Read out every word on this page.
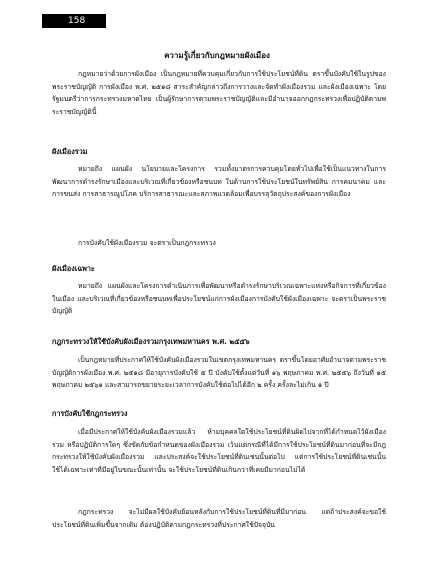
158
ความรู้เกี่ยวกับกฎหมายผังเมือง

กฎหมายว่าด้วยการผังเมือง เป็นกฎหมายที่ควบคุมเกี่ยวกับการใช้ประโยชน์ที่ดิน ตราขึ้นบังคับใช้ในรูปของพระราชบัญญัติ การผังเมือง พ.ศ. ๒๕๑๘ สาระสำคัญกล่าวถึงการวางและจัดทำผังเมืองรวม และผังเมืองเฉพาะ โดยรัฐมนตรีว่าการกระทรวงมหาดไทย เป็นผู้รักษาการตามพระราชบัญญัติและมีอำนาจออกกฎกระทรวงเพื่อปฏิบัติตามพระราชบัญญัตินี้

ผังเมืองรวม

หมายถึง แผนผัง นโยบายและโครงการ รวมทั้งมาตรการควบคุมโดยทั่วไปเพื่อใช้เป็นแนวทางในการพัฒนาการดำรงรักษาเมืองและบริเวณที่เกี่ยวข้องหรือชนบท ในด้านการใช้ประโยชน์ในทรัพย์สิน การคมนาคม และการขนส่ง การสาธารณูปโภค บริการสาธารณะและสภาพแวดล้อมเพื่อบรรลุวัตถุประสงค์ของการผังเมือง

การบังคับใช้ผังเมืองรวม จะตราเป็นกฎกระทรวง

ผังเมืองเฉพาะ

หมายถึง แผนผังและโครงการดำเนินการเพื่อพัฒนาหรือดำรงรักษาบริเวณเฉพาะแห่งหรือกิจการที่เกี่ยวข้อง ในเมือง และบริเวณที่เกี่ยวข้องหรือชนบทเพื่อประโยชน์แก่การผังเมืองการบังคับใช้ผังเมืองเฉพาะ จะตราเป็นพระราชบัญญัติ

กฎกระทรวงให้ใช้บังคับผังเมืองรวมกรุงเทพมหานคร พ.ศ. ๒๕๕๖

เป็นกฎหมายที่ประกาศให้ใช้บังคับผังเมืองรวมในเขตกรุงเทพมหานคร ตราขึ้นโดยอาศัยอำนาจตามพระราชบัญญัติการผังเมือง พ.ศ. ๒๕๑๘ มีอายุการบังคับใช้ ๕ ปี บังคับใช้ตั้งแต่วันที่ ๑๖ พฤษภาคม พ.ศ. ๒๕๕๖ ถึงวันที่ ๑๕ พฤษภาคม ๒๕๖๑ และสามารถขยายระยะเวลาการบังคับใช้ต่อไปได้อีก ๒ ครั้ง ครั้งละไม่เกิน ๑ ปี

การบังคับใช้กฎกระทรวง

เมื่อมีประกาศให้ใช้บังคับผังเมืองรวมแล้ว ห้ามบุคคลใดใช้ประโยชน์ที่ดินผิดไปจากที่ได้กำหนดไว้ผังเมืองรวม หรือปฏิบัติการใดๆ ซึ่งขัดกับข้อกำหนดของผังเมืองรวม เว้นแต่กรณีที่ได้มีการใช้ประโยชน์ที่ดินมาก่อนที่จะมีกฎกระทรวงให้ใช้บังคับผังเมืองรวม และประสงค์จะใช้ประโยชน์ที่ดินเช่นนั้นต่อไป แต่การใช้ประโยชน์ที่ดินเช่นนั้น ใช้ได้เฉพาะเท่าที่มีอยู่ในขณะนั้นเท่านั้น จะใช้ประโยชน์ที่ดินเกินกว่าที่เคยมีมาก่อนไม่ได้

กฎกระทรวง จะไม่มีผลใช้บังคับย้อนหลังกับการใช้ประโยชน์ที่ดินที่มีมาก่อน แต่ถ้าประสงค์จะขอใช้ประโยชน์ที่ดินเพิ่มขึ้นจากเดิม ต้องปฏิบัติตามกฎกระทรวงที่ประกาศใช้ปัจจุบัน
